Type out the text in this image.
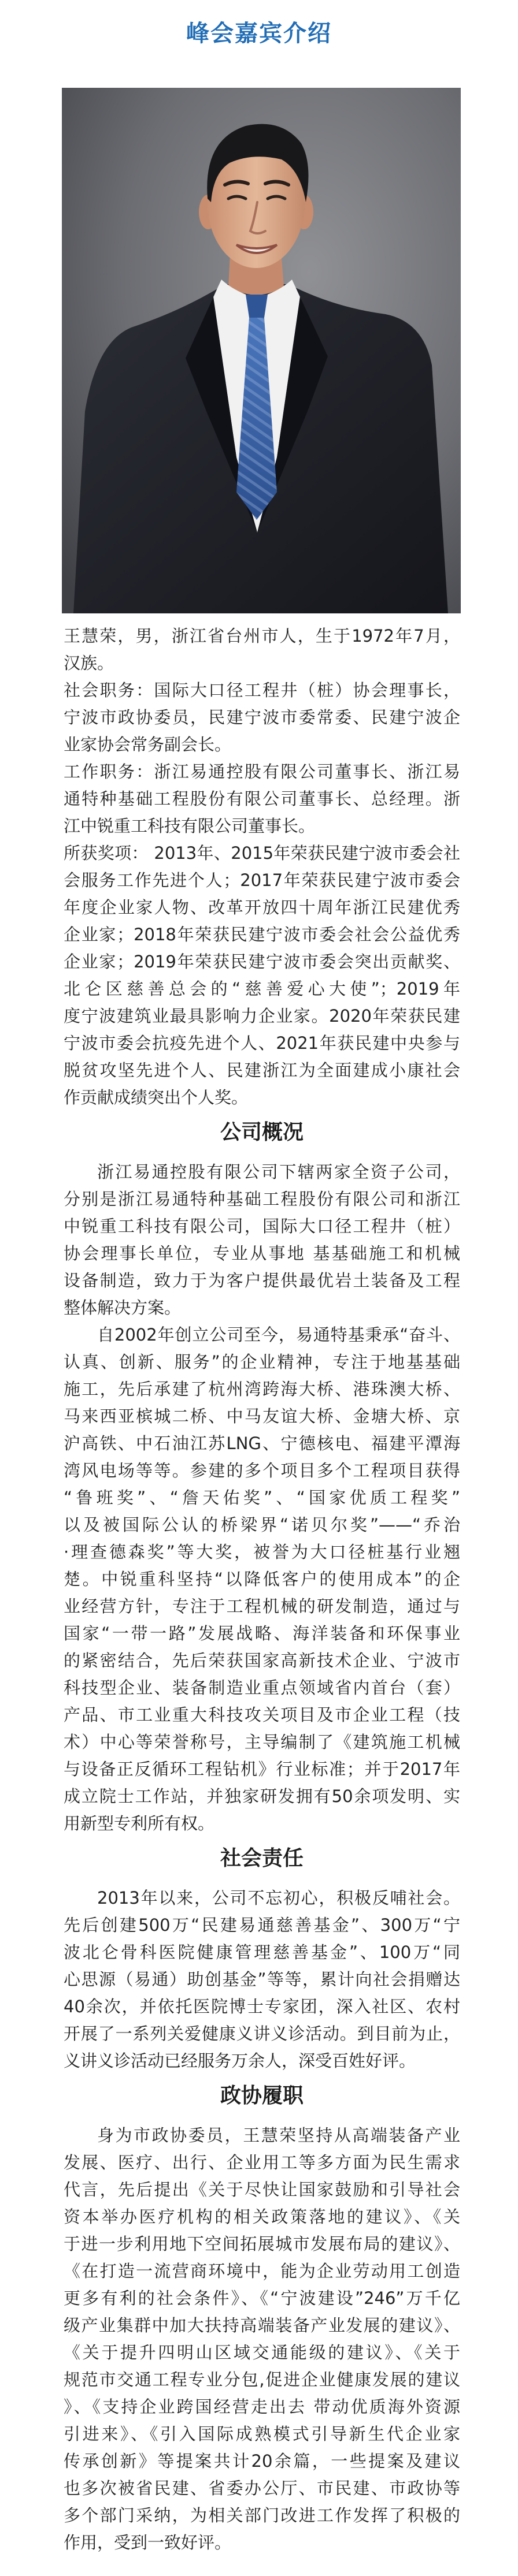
峰会嘉宾介绍
王慧荣，男，浙江省台州市人，生于1972年7月，
汉族。
社会职务：国际大口径工程井（桩）协会理事长，
宁波市政协委员，民建宁波市委常委、民建宁波企
业家协会常务副会长。
工作职务：浙江易通控股有限公司董事长、浙江易
通特种基础工程股份有限公司董事长、总经理。浙
江中锐重工科技有限公司董事长。
所获奖项： 2013年、2015年荣获民建宁波市委会社
会服务工作先进个人；2017年荣获民建宁波市委会
年度企业家人物、改革开放四十周年浙江民建优秀
企业家；2018年荣获民建宁波市委会社会公益优秀
企业家；2019年荣获民建宁波市委会突出贡献奖、
北仑区慈善总会的“慈善爱心大使”；2019年
度宁波建筑业最具影响力企业家。2020年荣获民建
宁波市委会抗疫先进个人、2021年获民建中央参与
脱贫攻坚先进个人、民建浙江为全面建成小康社会
作贡献成绩突出个人奖。
公司概况
浙江易通控股有限公司下辖两家全资子公司，
分别是浙江易通特种基础工程股份有限公司和浙江
中锐重工科技有限公司，国际大口径工程井（桩）
协会理事长单位，专业从事地 基基础施工和机械
设备制造，致力于为客户提供最优岩土装备及工程
整体解决方案。
自2002年创立公司至今，易通特基秉承“奋斗、
认真、创新、服务”的企业精神，专注于地基基础
施工，先后承建了杭州湾跨海大桥、港珠澳大桥、
马来西亚槟城二桥、中马友谊大桥、金塘大桥、京
沪高铁、中石油江苏LNG、宁德核电、福建平潭海
湾风电场等等。参建的多个项目多个工程项目获得
“鲁班奖”、“詹天佑奖”、“国家优质工程奖”
以及被国际公认的桥梁界“诺贝尔奖”——“乔治
·理查德森奖”等大奖，被誉为大口径桩基行业翘
楚。中锐重科坚持“以降低客户的使用成本”的企
业经营方针，专注于工程机械的研发制造，通过与
国家“一带一路”发展战略、海洋装备和环保事业
的紧密结合，先后荣获国家高新技术企业、宁波市
科技型企业、装备制造业重点领域省内首台（套）
产品、市工业重大科技攻关项目及市企业工程（技
术）中心等荣誉称号，主导编制了《建筑施工机械
与设备正反循环工程钻机》行业标准；并于2017年
成立院士工作站，并独家研发拥有50余项发明、实
用新型专利所有权。
社会责任
2013年以来，公司不忘初心，积极反哺社会。
先后创建500万“民建易通慈善基金”、300万“宁
波北仑骨科医院健康管理慈善基金”、100万“同
心思源（易通）助创基金”等等，累计向社会捐赠达
40余次，并依托医院博士专家团，深入社区、农村
开展了一系列关爱健康义讲义诊活动。到目前为止，
义讲义诊活动已经服务万余人，深受百姓好评。
政协履职
身为市政协委员，王慧荣坚持从高端装备产业
发展、医疗、出行、企业用工等多方面为民生需求
代言，先后提出《关于尽快让国家鼓励和引导社会
资本举办医疗机构的相关政策落地的建议》、《关
于进一步利用地下空间拓展城市发展布局的建议》、
《在打造一流营商环境中，能为企业劳动用工创造
更多有利的社会条件》、《“宁波建设”246”万千亿
级产业集群中加大扶持高端装备产业发展的建议》、
《关于提升四明山区域交通能级的建议》、《关于
规范市交通工程专业分包,促进企业健康发展的建议
》、《支持企业跨国经营走出去 带动优质海外资源
引进来》、《引入国际成熟模式引导新生代企业家
传承创新》等提案共计20余篇，一些提案及建议
也多次被省民建、省委办公厅、市民建、市政协等
多个部门采纳，为相关部门改进工作发挥了积极的
作用，受到一致好评。
